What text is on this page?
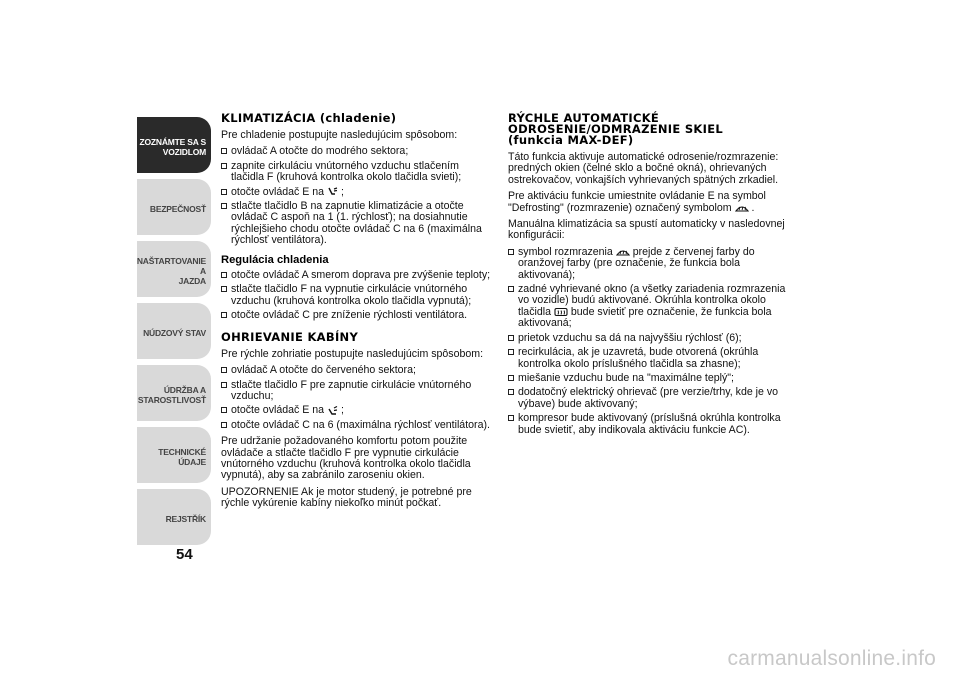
ZOZNÁMTE SA S
VOZIDLOM
BEZPEČNOSŤ
NAŠTARTOVANIE A
JAZDA
NÚDZOVÝ STAV
ÚDRŽBA A
STAROSTLIVOSŤ
TECHNICKÉ ÚDAJE
REJSTŘÍK
54
KLIMATIZÁCIA (chladenie)

Pre chladenie postupujte nasledujúcim spôsobom:

ovládač A otočte do modrého sektora;
zapnite cirkuláciu vnútorného vzduchu stlačením tlačidla F (kruhová kontrolka okolo tlačidla svieti);
otočte ovládač E na ;
stlačte tlačidlo B na zapnutie klimatizácie a otočte ovládač C aspoň na 1 (1. rýchlosť); na dosiahnutie rýchlejšieho chodu otočte ovládač C na 6 (maximálna rýchlosť ventilátora).
Regulácia chladenia
otočte ovládač A smerom doprava pre zvýšenie teploty;
stlačte tlačidlo F na vypnutie cirkulácie vnútorného vzduchu (kruhová kontrolka okolo tlačidla vypnutá);
otočte ovládač C pre zníženie rýchlosti ventilátora.
OHRIEVANIE KABÍNY

Pre rýchle zohriatie postupujte nasledujúcim spôsobom:

ovládač A otočte do červeného sektora;
stlačte tlačidlo F pre zapnutie cirkulácie vnútorného vzduchu;
otočte ovládač E na ;
otočte ovládač C na 6 (maximálna rýchlosť ventilátora).

Pre udržanie požadovaného komfortu potom použite ovládače a stlačte tlačidlo F pre vypnutie cirkulácie vnútorného vzduchu (kruhová kontrolka okolo tlačidla vypnutá), aby sa zabránilo zaroseniu okien.

UPOZORNENIE Ak je motor studený, je potrebné pre rýchle vykúrenie kabíny niekoľko minút počkať.

RÝCHLE AUTOMATICKÉ
ODROSENIE/ODMRAZENIE SKIEL
(funkcia MAX-DEF)

Táto funkcia aktivuje automatické odrosenie/rozmrazenie: predných okien (čelné sklo a bočné okná), ohrievaných ostrekovačov, vonkajších vyhrievaných spätných zrkadiel.

Pre aktiváciu funkcie umiestnite ovládanie E na symbol "Defrosting" (rozmrazenie) označený symbolom .

Manuálna klimatizácia sa spustí automaticky v nasledovnej konfigurácii:

symbol rozmrazenia prejde z červenej farby do oranžovej farby (pre označenie, že funkcia bola aktivovaná);
zadné vyhrievané okno (a všetky zariadenia rozmrazenia vo vozidle) budú aktivované. Okrúhla kontrolka okolo tlačidla bude svietiť pre označenie, že funkcia bola aktivovaná;
prietok vzduchu sa dá na najvyššiu rýchlosť (6);
recirkulácia, ak je uzavretá, bude otvorená (okrúhla kontrolka okolo príslušného tlačidla sa zhasne);
miešanie vzduchu bude na "maximálne teplý";
dodatočný elektrický ohrievač (pre verzie/trhy, kde je vo výbave) bude aktivovaný;
kompresor bude aktivovaný (príslušná okrúhla kontrolka bude svietiť, aby indikovala aktiváciu funkcie AC).
carmanualsonline.info
